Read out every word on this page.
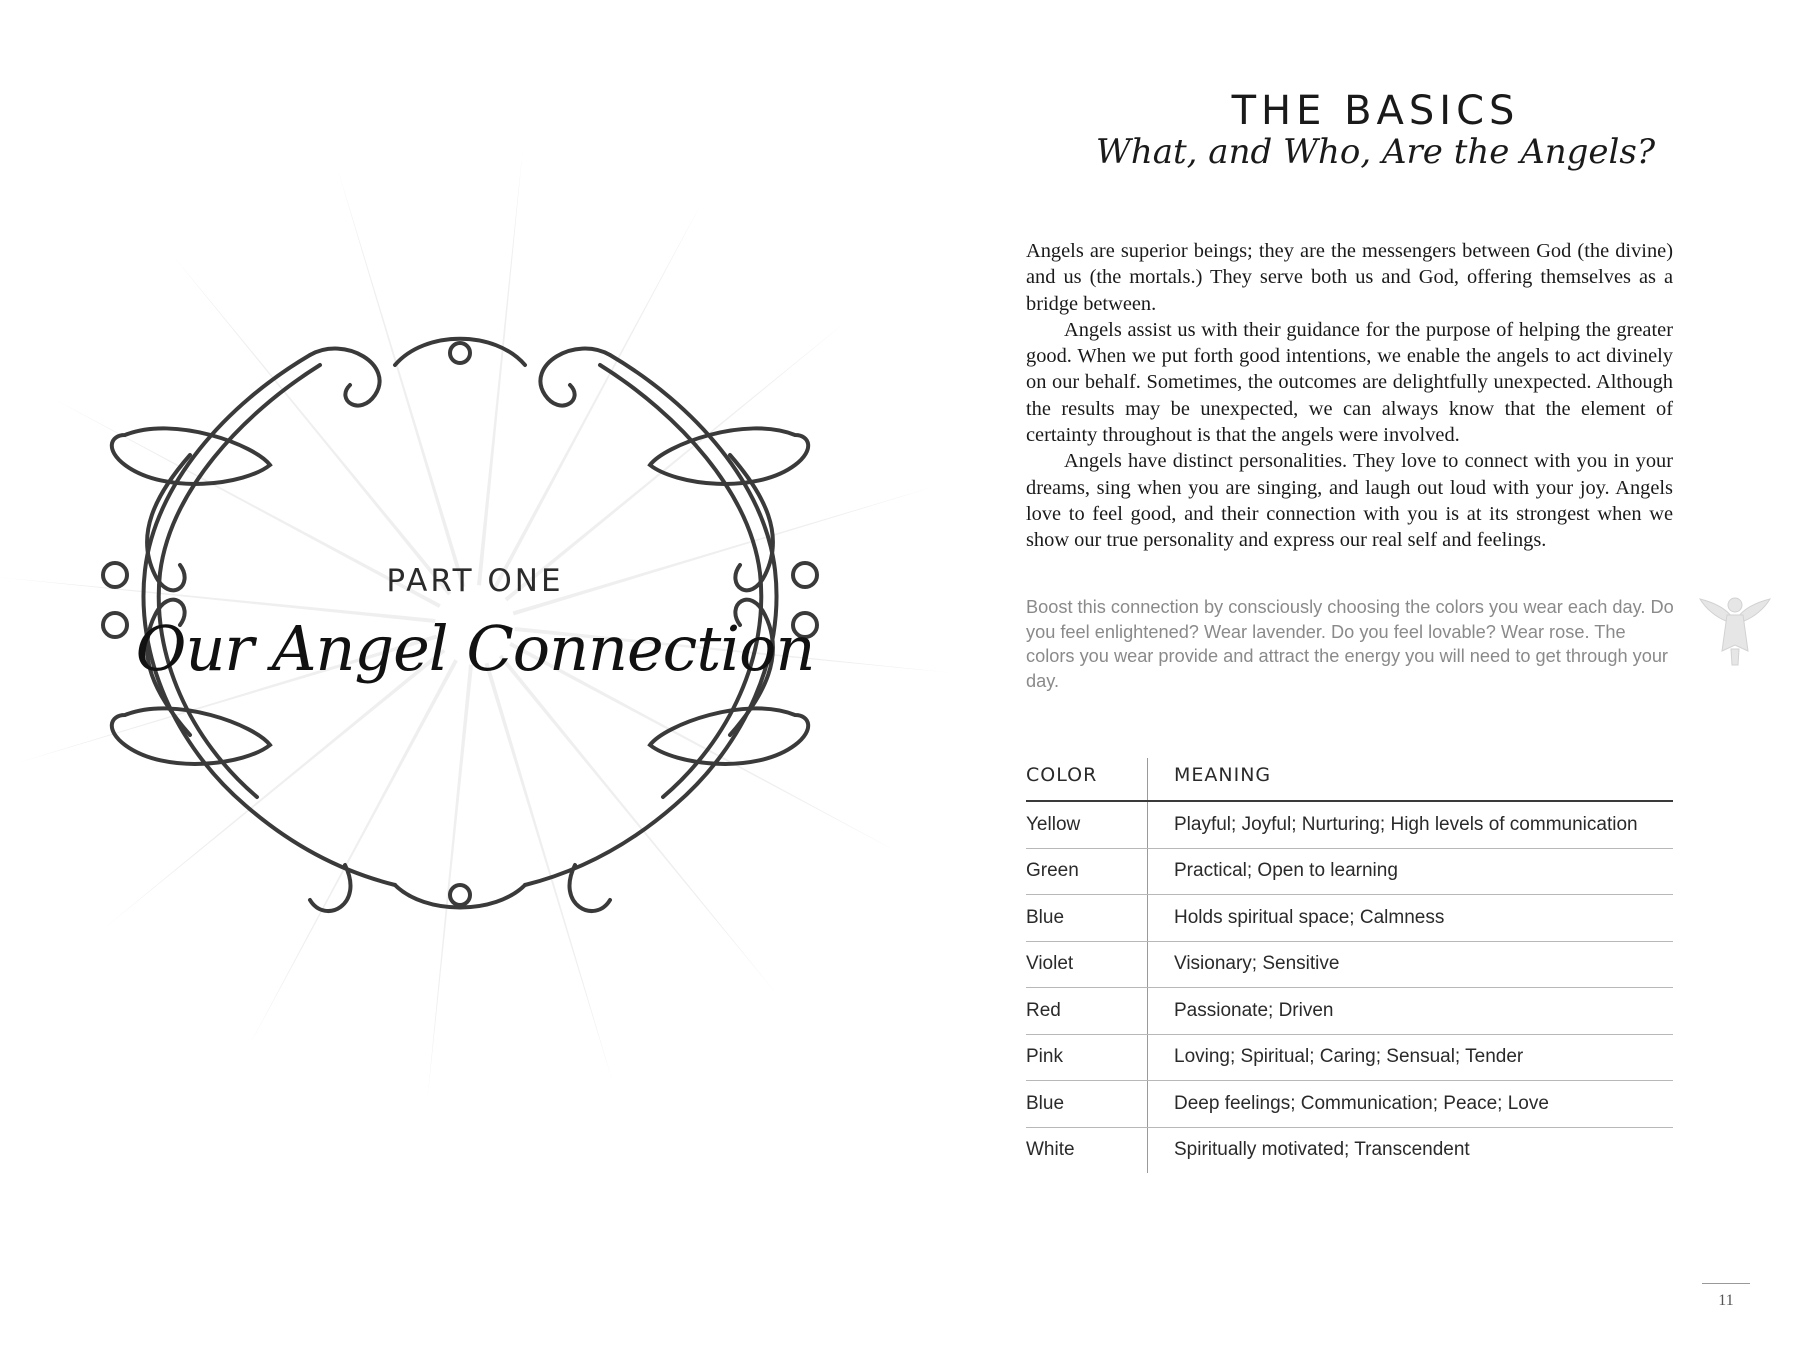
PART ONE
Our Angel Connection
THE BASICS
What, and Who, Are the Angels?

Angels are superior beings; they are the messengers between God (the divine) and us (the mortals.) They serve both us and God, offering themselves as a bridge between.

Angels assist us with their guidance for the purpose of helping the greater good. When we put forth good intentions, we enable the angels to act divinely on our behalf. Sometimes, the outcomes are delightfully unexpected. Although the results may be unexpected, we can always know that the element of certainty throughout is that the angels were involved.

Angels have distinct personalities. They love to connect with you in your dreams, sing when you are singing, and laugh out loud with your joy. Angels love to feel good, and their connection with you is at its strongest when we show our true personality and express our real self and feelings.

Boost this connection by consciously choosing the colors you wear each day. Do you feel enlightened? Wear lavender. Do you feel lovable? Wear rose. The colors you wear provide and attract the energy you will need to get through your day.
COLOR	MEANING
Yellow	Playful; Joyful; Nurturing; High levels of communication
Green	Practical; Open to learning
Blue	Holds spiritual space; Calmness
Violet	Visionary; Sensitive
Red	Passionate; Driven
Pink	Loving; Spiritual; Caring; Sensual; Tender
Blue	Deep feelings; Communication; Peace; Love
White	Spiritually motivated; Transcendent
11
